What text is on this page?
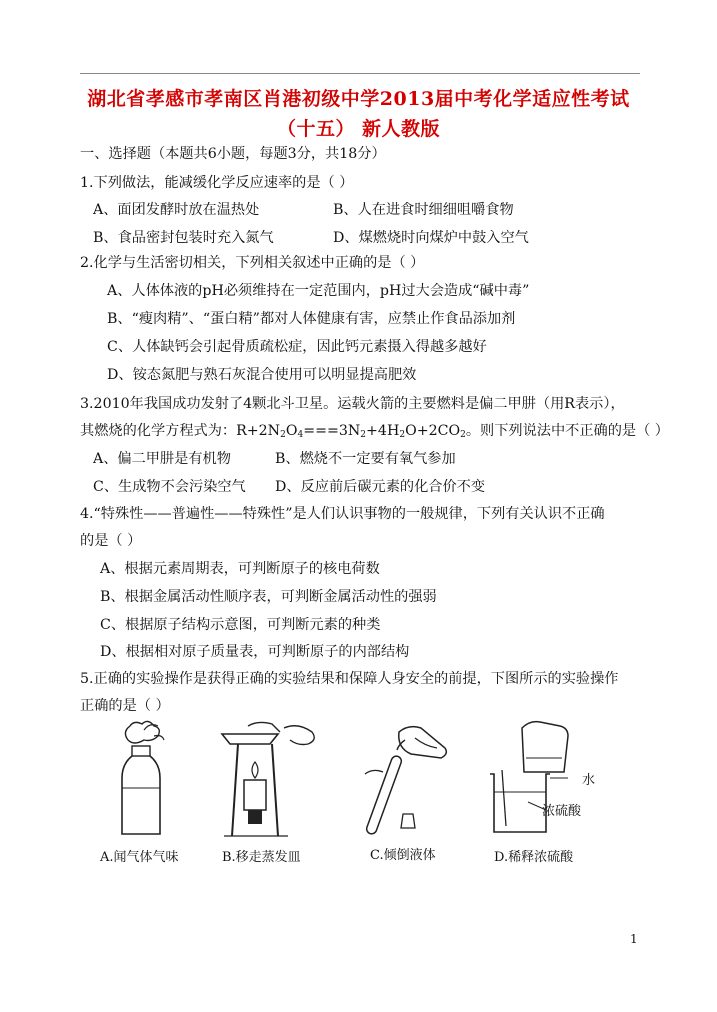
湖北省孝感市孝南区肖港初级中学2013届中考化学适应性考试
（十五） 新人教版
一、选择题（本题共6小题，每题3分，共18分）
1.下列做法，能减缓化学反应速率的是（ ）
A、面团发酵时放在温热处	B、人在进食时细细咀嚼食物
B、食品密封包装时充入氮气	D、煤燃烧时向煤炉中鼓入空气
2.化学与生活密切相关，下列相关叙述中正确的是（ ）
A、人体体液的pH必须维持在一定范围内，pH过大会造成“碱中毒”
B、“瘦肉精”、“蛋白精”都对人体健康有害，应禁止作食品添加剂
C、人体缺钙会引起骨质疏松症，因此钙元素摄入得越多越好
D、铵态氮肥与熟石灰混合使用可以明显提高肥效
3.2010年我国成功发射了4颗北斗卫星。运载火箭的主要燃料是偏二甲肼（用R表示），
其燃烧的化学方程式为：$R+2N_2O_4===3N_2+4H_2O+2CO_2$。则下列说法中不正确的是（ ）
A、偏二甲肼是有机物	B、燃烧不一定要有氧气参加
C、生成物不会污染空气 D、反应前后碳元素的化合价不变
4.“特殊性——普遍性——特殊性”是人们认识事物的一般规律，下列有关认识不正确
的是（ ）
A、根据元素周期表，可判断原子的核电荷数
B、根据金属活动性顺序表，可判断金属活动性的强弱
C、根据原子结构示意图，可判断元素的种类
D、根据相对原子质量表，可判断原子的内部结构
5.正确的实验操作是获得正确的实验结果和保障人身安全的前提，下图所示的实验操作
正确的是（ ）
水
浓硫酸
A.闻气体气味	B.移走蒸发皿	C.倾倒液体	D.稀释浓硫酸
1
